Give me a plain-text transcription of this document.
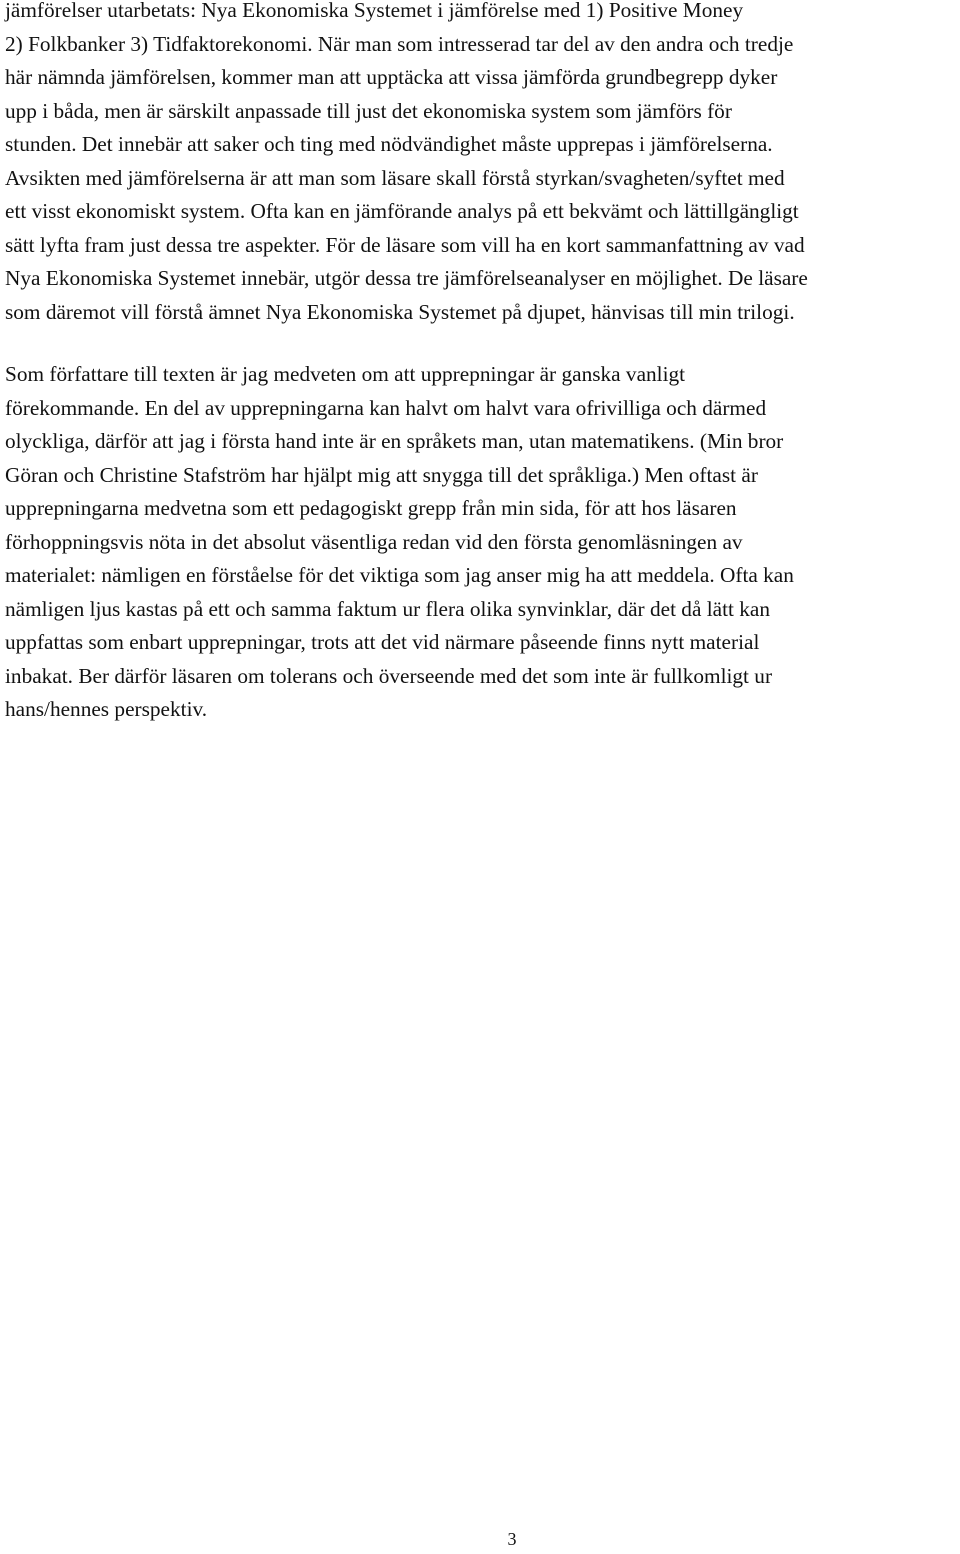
jämförelser utarbetats: Nya Ekonomiska Systemet i jämförelse med 1) Positive Money
2) Folkbanker 3) Tidfaktorekonomi. När man som intresserad tar del av den andra och tredje
här nämnda jämförelsen, kommer man att upptäcka att vissa jämförda grundbegrepp dyker
upp i båda, men är särskilt anpassade till just det ekonomiska system som jämförs för
stunden. Det innebär att saker och ting med nödvändighet måste upprepas i jämförelserna.
Avsikten med jämförelserna är att man som läsare skall förstå styrkan/svagheten/syftet med
ett visst ekonomiskt system. Ofta kan en jämförande analys på ett bekvämt och lättillgängligt
sätt lyfta fram just dessa tre aspekter. För de läsare som vill ha en kort sammanfattning av vad
Nya Ekonomiska Systemet innebär, utgör dessa tre jämförelseanalyser en möjlighet. De läsare
som däremot vill förstå ämnet Nya Ekonomiska Systemet på djupet, hänvisas till min trilogi.

Som författare till texten är jag medveten om att upprepningar är ganska vanligt
förekommande. En del av upprepningarna kan halvt om halvt vara ofrivilliga och därmed
olyckliga, därför att jag i första hand inte är en språkets man, utan matematikens. (Min bror
Göran och Christine Stafström har hjälpt mig att snygga till det språkliga.) Men oftast är
upprepningarna medvetna som ett pedagogiskt grepp från min sida, för att hos läsaren
förhoppningsvis nöta in det absolut väsentliga redan vid den första genomläsningen av
materialet: nämligen en förståelse för det viktiga som jag anser mig ha att meddela. Ofta kan
nämligen ljus kastas på ett och samma faktum ur flera olika synvinklar, där det då lätt kan
uppfattas som enbart upprepningar, trots att det vid närmare påseende finns nytt material
inbakat. Ber därför läsaren om tolerans och överseende med det som inte är fullkomligt ur
hans/hennes perspektiv.

3
